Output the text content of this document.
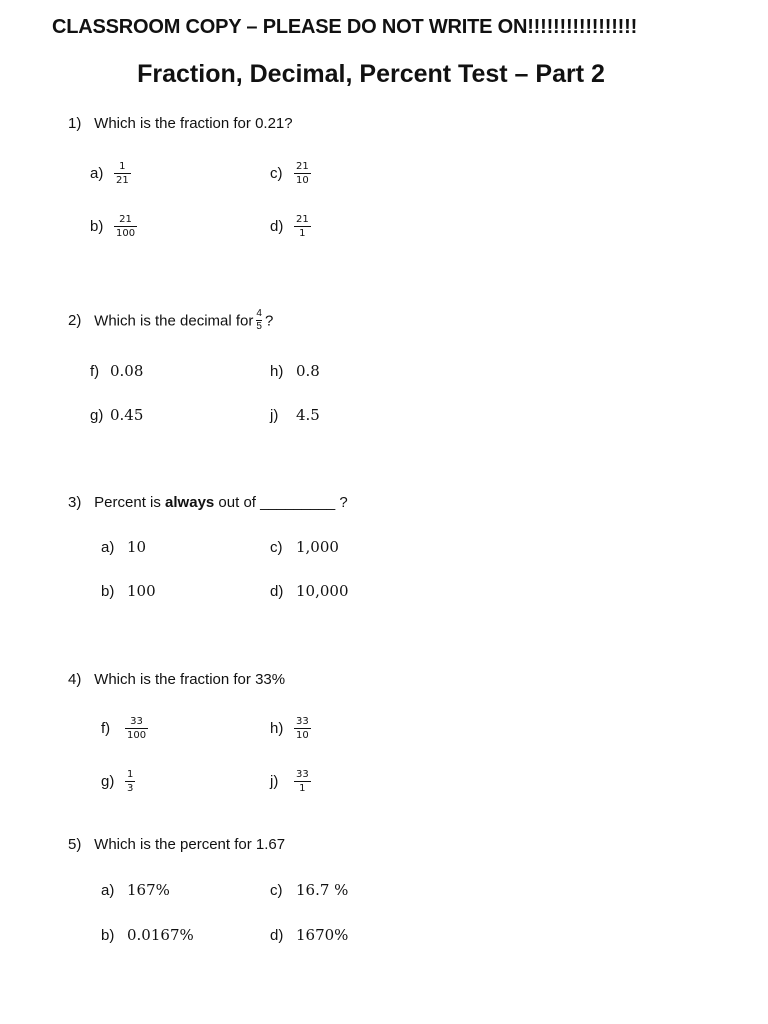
CLASSROOM COPY – PLEASE DO NOT WRITE ON!!!!!!!!!!!!!!!!!
Fraction, Decimal, Percent Test – Part 2
1) Which is the fraction for 0.21?
a)	$\frac{1}{21}$	c)	$\frac{21}{10}$
b)	$\frac{21}{100}$	d)	$\frac{21}{1}$
2) Which is the decimal for $\frac{4}{5}$ ?
f) 0.08	h) 0.8
g) 0.45	j)	4.5
3) Percent is always out of _________ ?
a) 10	c) 1,000
b) 100	d) 10,000
4) Which is the fraction for 33%
f)	$\frac{33}{100}$	h)	$\frac{33}{10}$
g)	$\frac{1}{3}$	j)	$\frac{33}{1}$
5) Which is the percent for 1.67
a) 167%	c) 16.7 %
b) 0.0167%	d) 1670%
